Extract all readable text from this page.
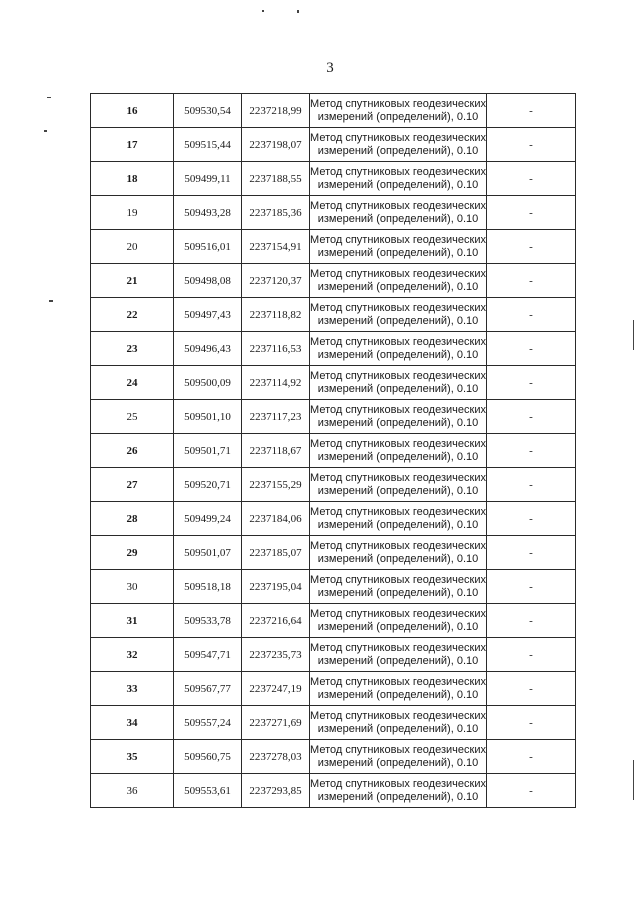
3
16	509530,54	2237218,99	Метод спутниковых геодезических
измерений (определений), 0.10	-
17	509515,44	2237198,07	Метод спутниковых геодезических
измерений (определений), 0.10	-
18	509499,11	2237188,55	Метод спутниковых геодезических
измерений (определений), 0.10	-
19	509493,28	2237185,36	Метод спутниковых геодезических
измерений (определений), 0.10	-
20	509516,01	2237154,91	Метод спутниковых геодезических
измерений (определений), 0.10	-
21	509498,08	2237120,37	Метод спутниковых геодезических
измерений (определений), 0.10	-
22	509497,43	2237118,82	Метод спутниковых геодезических
измерений (определений), 0.10	-
23	509496,43	2237116,53	Метод спутниковых геодезических
измерений (определений), 0.10	-
24	509500,09	2237114,92	Метод спутниковых геодезических
измерений (определений), 0.10	-
25	509501,10	2237117,23	Метод спутниковых геодезических
измерений (определений), 0.10	-
26	509501,71	2237118,67	Метод спутниковых геодезических
измерений (определений), 0.10	-
27	509520,71	2237155,29	Метод спутниковых геодезических
измерений (определений), 0.10	-
28	509499,24	2237184,06	Метод спутниковых геодезических
измерений (определений), 0.10	-
29	509501,07	2237185,07	Метод спутниковых геодезических
измерений (определений), 0.10	-
30	509518,18	2237195,04	Метод спутниковых геодезических
измерений (определений), 0.10	-
31	509533,78	2237216,64	Метод спутниковых геодезических
измерений (определений), 0.10	-
32	509547,71	2237235,73	Метод спутниковых геодезических
измерений (определений), 0.10	-
33	509567,77	2237247,19	Метод спутниковых геодезических
измерений (определений), 0.10	-
34	509557,24	2237271,69	Метод спутниковых геодезических
измерений (определений), 0.10	-
35	509560,75	2237278,03	Метод спутниковых геодезических
измерений (определений), 0.10	-
36	509553,61	2237293,85	Метод спутниковых геодезических
измерений (определений), 0.10	-
